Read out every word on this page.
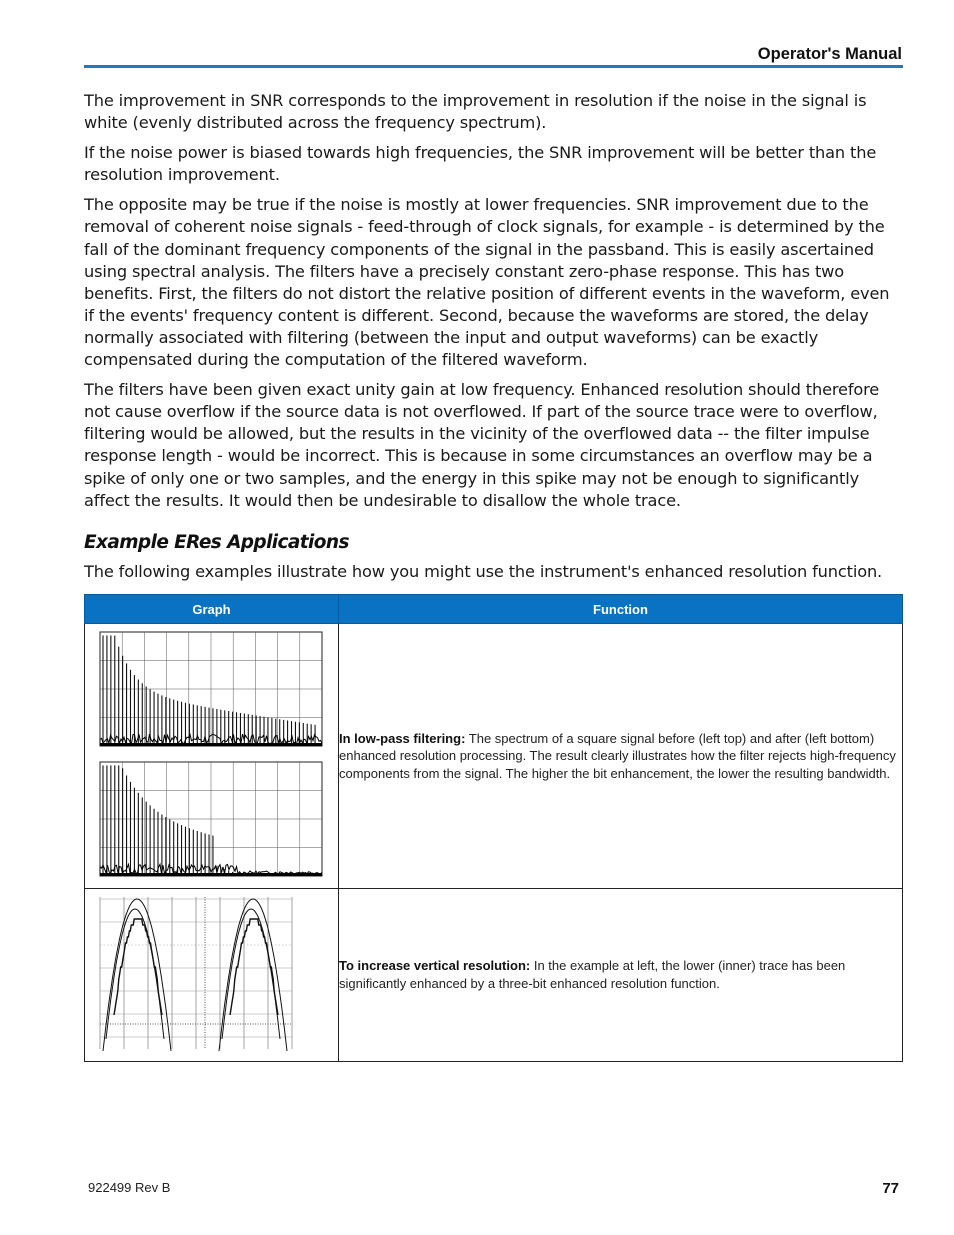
Operator's Manual

The improvement in SNR corresponds to the improvement in resolution if the noise in the signal is white (evenly distributed across the frequency spectrum).

If the noise power is biased towards high frequencies, the SNR improvement will be better than the resolution improvement.

The opposite may be true if the noise is mostly at lower frequencies. SNR improvement due to the removal of coherent noise signals - feed-through of clock signals, for example - is determined by the fall of the dominant frequency components of the signal in the passband. This is easily ascertained using spectral analysis. The filters have a precisely constant zero-phase response. This has two benefits. First, the filters do not distort the relative position of different events in the waveform, even if the events' frequency content is different. Second, because the waveforms are stored, the delay normally associated with filtering (between the input and output waveforms) can be exactly compensated during the computation of the filtered waveform.

The filters have been given exact unity gain at low frequency. Enhanced resolution should therefore not cause overflow if the source data is not overflowed. If part of the source trace were to overflow, filtering would be allowed, but the results in the vicinity of the overflowed data -- the filter impulse response length - would be incorrect. This is because in some circumstances an overflow may be a spike of only one or two samples, and the energy in this spike may not be enough to significantly affect the results. It would then be undesirable to disallow the whole trace.

Example ERes Applications

The following examples illustrate how you might use the instrument's enhanced resolution function.

Graph	Function

In low-pass filtering: The spectrum of a square signal before (left top) and after (left bottom) enhanced resolution processing. The result clearly illustrates how the filter rejects high-frequency components from the signal. The higher the bit enhancement, the lower the resulting bandwidth.

To increase vertical resolution: In the example at left, the lower (inner) trace has been significantly enhanced by a three-bit enhanced resolution function.
922499 Rev B	77
